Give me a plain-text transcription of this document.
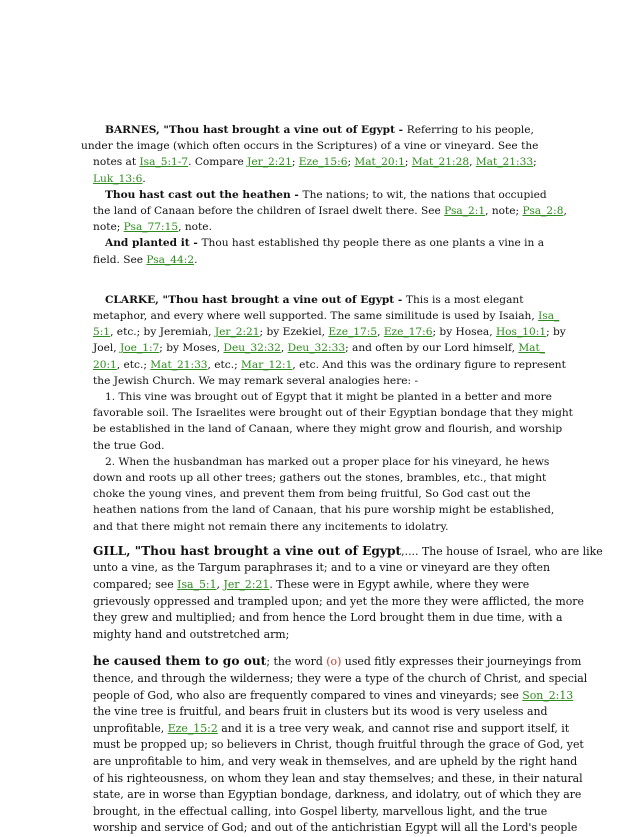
BARNES, "Thou hast brought a vine out of Egypt - Referring to his people,
under the image (which often occurs in the Scriptures) of a vine or vineyard. See the
notes at Isa_5:1-7. Compare Jer_2:21; Eze_15:6; Mat_20:1; Mat_21:28, Mat_21:33;
Luk_13:6.

Thou hast cast out the heathen - The nations; to wit, the nations that occupied
the land of Canaan before the children of Israel dwelt there. See Psa_2:1, note; Psa_2:8,
note; Psa_77:15, note.

And planted it - Thou hast established thy people there as one plants a vine in a
field. See Psa_44:2.

CLARKE, "Thou hast brought a vine out of Egypt - This is a most elegant
metaphor, and every where well supported. The same similitude is used by Isaiah, Isa_
5:1, etc.; by Jeremiah, Jer_2:21; by Ezekiel, Eze_17:5, Eze_17:6; by Hosea, Hos_10:1; by
Joel, Joe_1:7; by Moses, Deu_32:32, Deu_32:33; and often by our Lord himself, Mat_
20:1, etc.; Mat_21:33, etc.; Mar_12:1, etc. And this was the ordinary figure to represent
the Jewish Church. We may remark several analogies here: -

1. This vine was brought out of Egypt that it might be planted in a better and more
favorable soil. The Israelites were brought out of their Egyptian bondage that they might
be established in the land of Canaan, where they might grow and flourish, and worship
the true God.

2. When the husbandman has marked out a proper place for his vineyard, he hews
down and roots up all other trees; gathers out the stones, brambles, etc., that might
choke the young vines, and prevent them from being fruitful, So God cast out the
heathen nations from the land of Canaan, that his pure worship might be established,
and that there might not remain there any incitements to idolatry.

GILL, "Thou hast brought a vine out of Egypt,.... The house of Israel, who are like
unto a vine, as the Targum paraphrases it; and to a vine or vineyard are they often
compared; see Isa_5:1, Jer_2:21. These were in Egypt awhile, where they were
grievously oppressed and trampled upon; and yet the more they were afflicted, the more
they grew and multiplied; and from hence the Lord brought them in due time, with a
mighty hand and outstretched arm;

he caused them to go out; the word (o) used fitly expresses their journeyings from
thence, and through the wilderness; they were a type of the church of Christ, and special
people of God, who also are frequently compared to vines and vineyards; see Son_2:13
the vine tree is fruitful, and bears fruit in clusters but its wood is very useless and
unprofitable, Eze_15:2 and it is a tree very weak, and cannot rise and support itself, it
must be propped up; so believers in Christ, though fruitful through the grace of God, yet
are unprofitable to him, and very weak in themselves, and are upheld by the right hand
of his righteousness, on whom they lean and stay themselves; and these, in their natural
state, are in worse than Egyptian bondage, darkness, and idolatry, out of which they are
brought, in the effectual calling, into Gospel liberty, marvellous light, and the true
worship and service of God; and out of the antichristian Egypt will all the Lord's people
